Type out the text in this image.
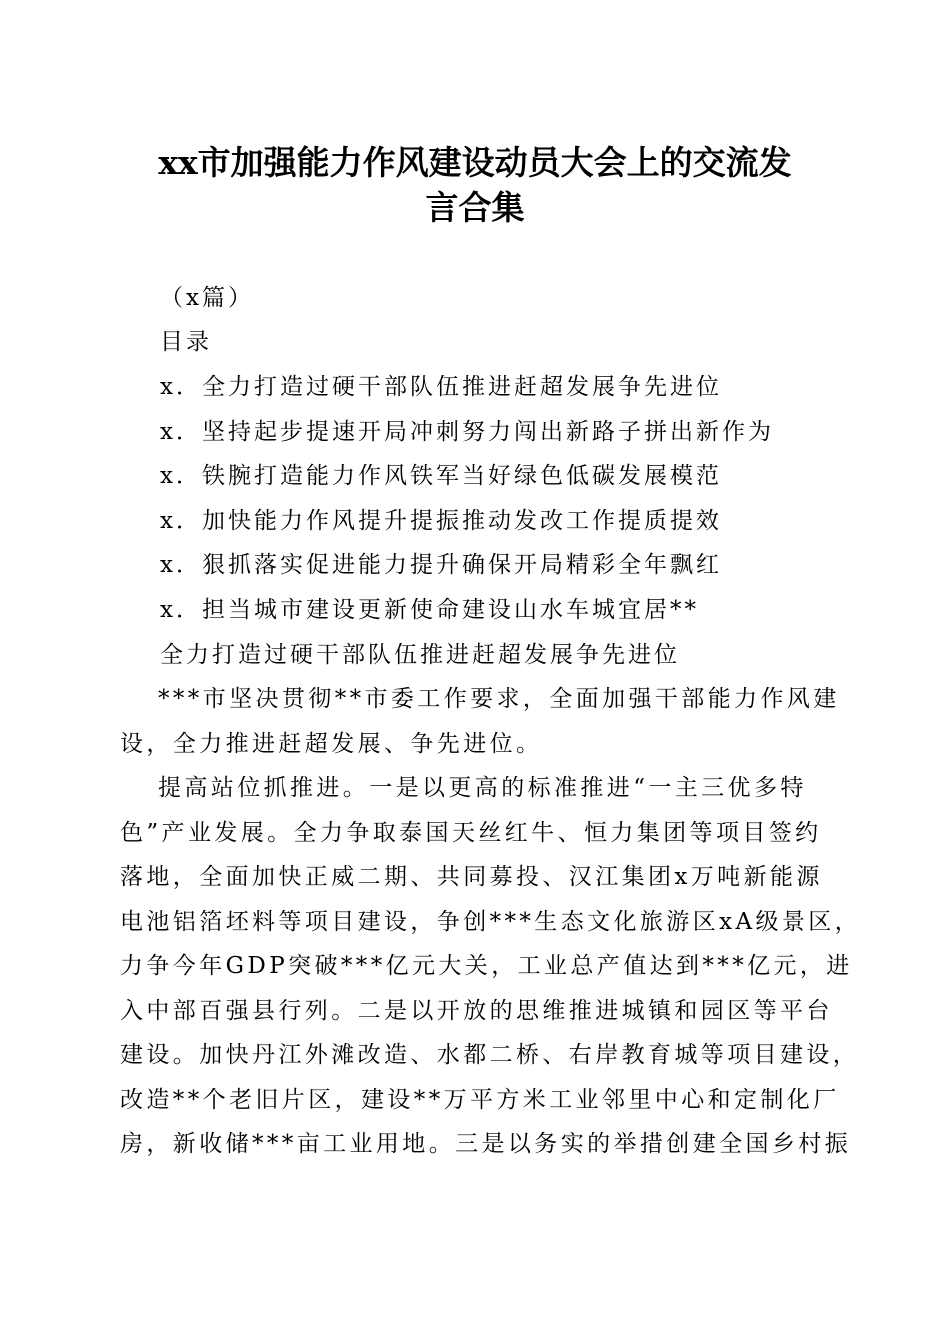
xx市加强能力作风建设动员大会上的交流发
言合集
（x篇）
目录
x．全力打造过硬干部队伍推进赶超发展争先进位
x．坚持起步提速开局冲刺努力闯出新路子拼出新作为
x．铁腕打造能力作风铁军当好绿色低碳发展模范
x．加快能力作风提升提振推动发改工作提质提效
x．狠抓落实促进能力提升确保开局精彩全年飘红
x．担当城市建设更新使命建设山水车城宜居**
全力打造过硬干部队伍推进赶超发展争先进位
***市坚决贯彻**市委工作要求，全面加强干部能力作风建
设，全力推进赶超发展、争先进位。
提高站位抓推进。一是以更高的标准推进“一主三优多特
色”产业发展。全力争取泰国天丝红牛、恒力集团等项目签约
落地，全面加快正威二期、共同募投、汉江集团x万吨新能源
电池铝箔坯料等项目建设，争创***生态文化旅游区xA级景区，
力争今年GDP突破***亿元大关，工业总产值达到***亿元，进
入中部百强县行列。二是以开放的思维推进城镇和园区等平台
建设。加快丹江外滩改造、水都二桥、右岸教育城等项目建设，
改造**个老旧片区，建设**万平方米工业邻里中心和定制化厂
房，新收储***亩工业用地。三是以务实的举措创建全国乡村振
